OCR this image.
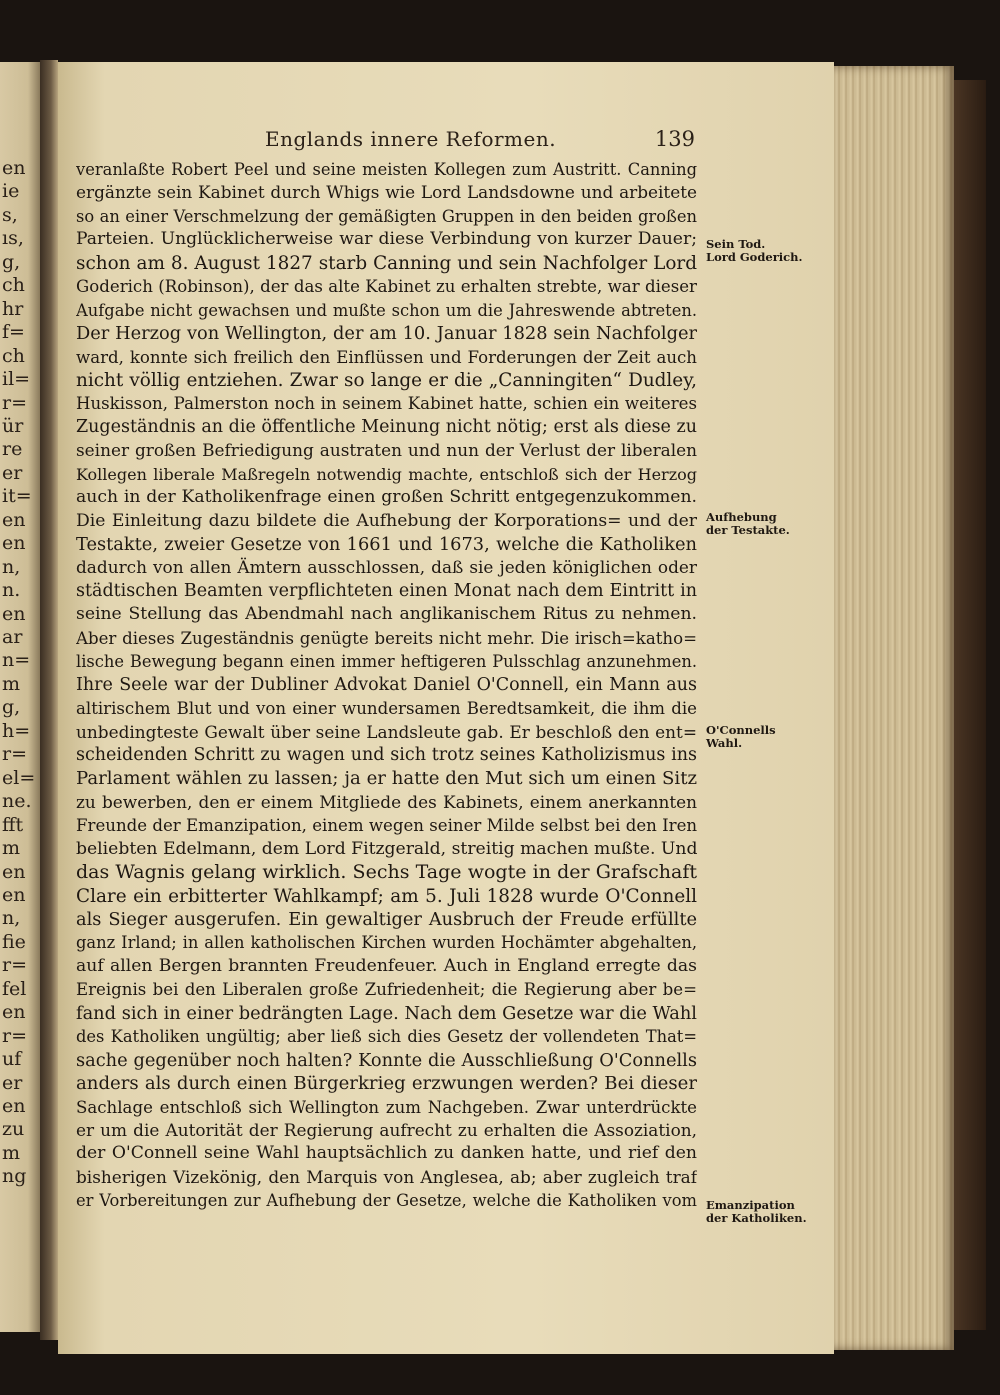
en
ie
s,
ıs,
g,
ch
hr
f=
ch
il=
r=
ür
re
er
it=
en
en
n,
n.
en
ar
n=
m
g,
h=
r=
el=
ne.
fft
m
en
en
n,
fie
r=
fel
en
r=
uf
er
en
zu
m
ng
Englands innere Reformen.	139
veranlaßte Robert Peel und seine meisten Kollegen zum Austritt. Canning
ergänzte sein Kabinet durch Whigs wie Lord Landsdowne und arbeitete
so an einer Verschmelzung der gemäßigten Gruppen in den beiden großen
Parteien. Unglücklicherweise war diese Verbindung von kurzer Dauer;
schon am 8. August 1827 starb Canning und sein Nachfolger Lord
Goderich (Robinson), der das alte Kabinet zu erhalten strebte, war dieser
Aufgabe nicht gewachsen und mußte schon um die Jahreswende abtreten.
Der Herzog von Wellington, der am 10. Januar 1828 sein Nachfolger
ward, konnte sich freilich den Einflüssen und Forderungen der Zeit auch
nicht völlig entziehen. Zwar so lange er die „Canningiten“ Dudley,
Huskisson, Palmerston noch in seinem Kabinet hatte, schien ein weiteres
Zugeständnis an die öffentliche Meinung nicht nötig; erst als diese zu
seiner großen Befriedigung austraten und nun der Verlust der liberalen
Kollegen liberale Maßregeln notwendig machte, entschloß sich der Herzog
auch in der Katholikenfrage einen großen Schritt entgegenzukommen.
Die Einleitung dazu bildete die Aufhebung der Korporations= und der
Testakte, zweier Gesetze von 1661 und 1673, welche die Katholiken
dadurch von allen Ämtern ausschlossen, daß sie jeden königlichen oder
städtischen Beamten verpflichteten einen Monat nach dem Eintritt in
seine Stellung das Abendmahl nach anglikanischem Ritus zu nehmen.
Aber dieses Zugeständnis genügte bereits nicht mehr. Die irisch=katho=
lische Bewegung begann einen immer heftigeren Pulsschlag anzunehmen.
Ihre Seele war der Dubliner Advokat Daniel O'Connell, ein Mann aus
altirischem Blut und von einer wundersamen Beredtsamkeit, die ihm die
unbedingteste Gewalt über seine Landsleute gab. Er beschloß den ent=
scheidenden Schritt zu wagen und sich trotz seines Katholizismus ins
Parlament wählen zu lassen; ja er hatte den Mut sich um einen Sitz
zu bewerben, den er einem Mitgliede des Kabinets, einem anerkannten
Freunde der Emanzipation, einem wegen seiner Milde selbst bei den Iren
beliebten Edelmann, dem Lord Fitzgerald, streitig machen mußte. Und
das Wagnis gelang wirklich. Sechs Tage wogte in der Grafschaft
Clare ein erbitterter Wahlkampf; am 5. Juli 1828 wurde O'Connell
als Sieger ausgerufen. Ein gewaltiger Ausbruch der Freude erfüllte
ganz Irland; in allen katholischen Kirchen wurden Hochämter abgehalten,
auf allen Bergen brannten Freudenfeuer. Auch in England erregte das
Ereignis bei den Liberalen große Zufriedenheit; die Regierung aber be=
fand sich in einer bedrängten Lage. Nach dem Gesetze war die Wahl
des Katholiken ungültig; aber ließ sich dies Gesetz der vollendeten That=
sache gegenüber noch halten? Konnte die Ausschließung O'Connells
anders als durch einen Bürgerkrieg erzwungen werden? Bei dieser
Sachlage entschloß sich Wellington zum Nachgeben. Zwar unterdrückte
er um die Autorität der Regierung aufrecht zu erhalten die Assoziation,
der O'Connell seine Wahl hauptsächlich zu danken hatte, und rief den
bisherigen Vizekönig, den Marquis von Anglesea, ab; aber zugleich traf
er Vorbereitungen zur Aufhebung der Gesetze, welche die Katholiken vom
Sein Tod.
Lord Goderich.
Aufhebung
der Testakte.
O'Connells
Wahl.
Emanzipation
der Katholiken.
